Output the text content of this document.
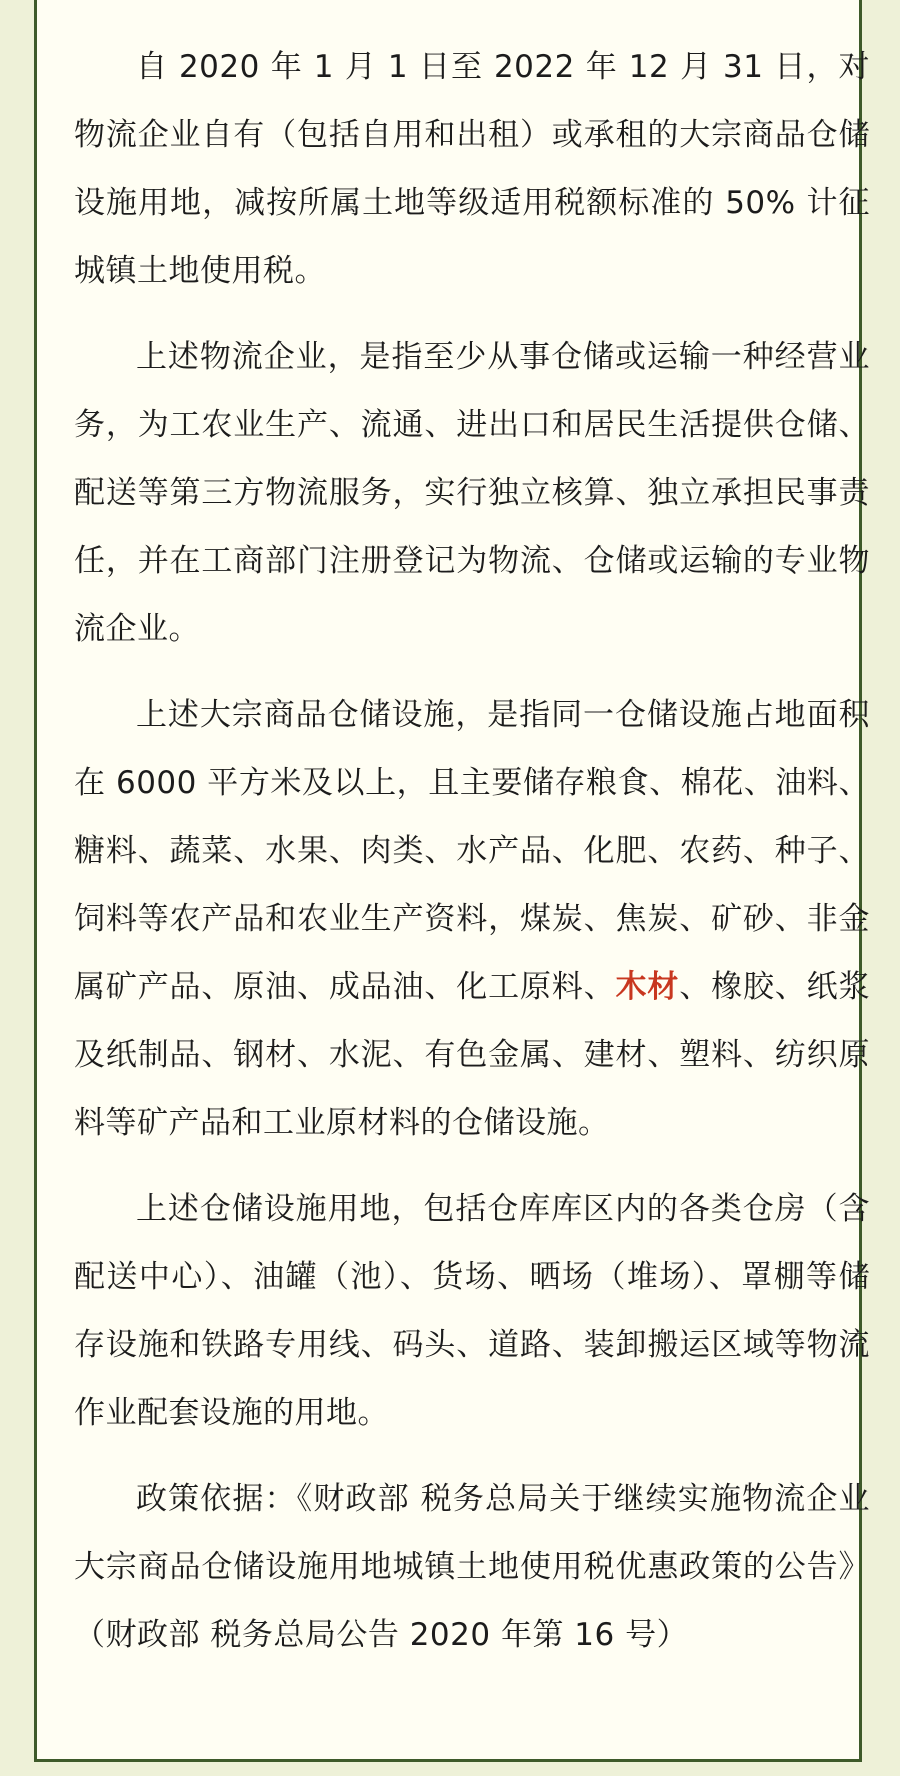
自 2020 年 1 月 1 日至 2022 年 12 月 31 日，对物流企业自有（包括自用和出租）或承租的大宗商品仓储设施用地，减按所属土地等级适用税额标准的 50% 计征城镇土地使用税。

上述物流企业，是指至少从事仓储或运输一种经营业务，为工农业生产、流通、进出口和居民生活提供仓储、配送等第三方物流服务，实行独立核算、独立承担民事责任，并在工商部门注册登记为物流、仓储或运输的专业物流企业。

上述大宗商品仓储设施，是指同一仓储设施占地面积在 6000 平方米及以上，且主要储存粮食、棉花、油料、糖料、蔬菜、水果、肉类、水产品、化肥、农药、种子、饲料等农产品和农业生产资料，煤炭、焦炭、矿砂、非金属矿产品、原油、成品油、化工原料、木材、橡胶、纸浆及纸制品、钢材、水泥、有色金属、建材、塑料、纺织原料等矿产品和工业原材料的仓储设施。

上述仓储设施用地，包括仓库库区内的各类仓房（含配送中心）、油罐（池）、货场、晒场（堆场）、罩棚等储存设施和铁路专用线、码头、道路、装卸搬运区域等物流作业配套设施的用地。

政策依据：《财政部 税务总局关于继续实施物流企业大宗商品仓储设施用地城镇土地使用税优惠政策的公告》（财政部 税务总局公告 2020 年第 16 号）
